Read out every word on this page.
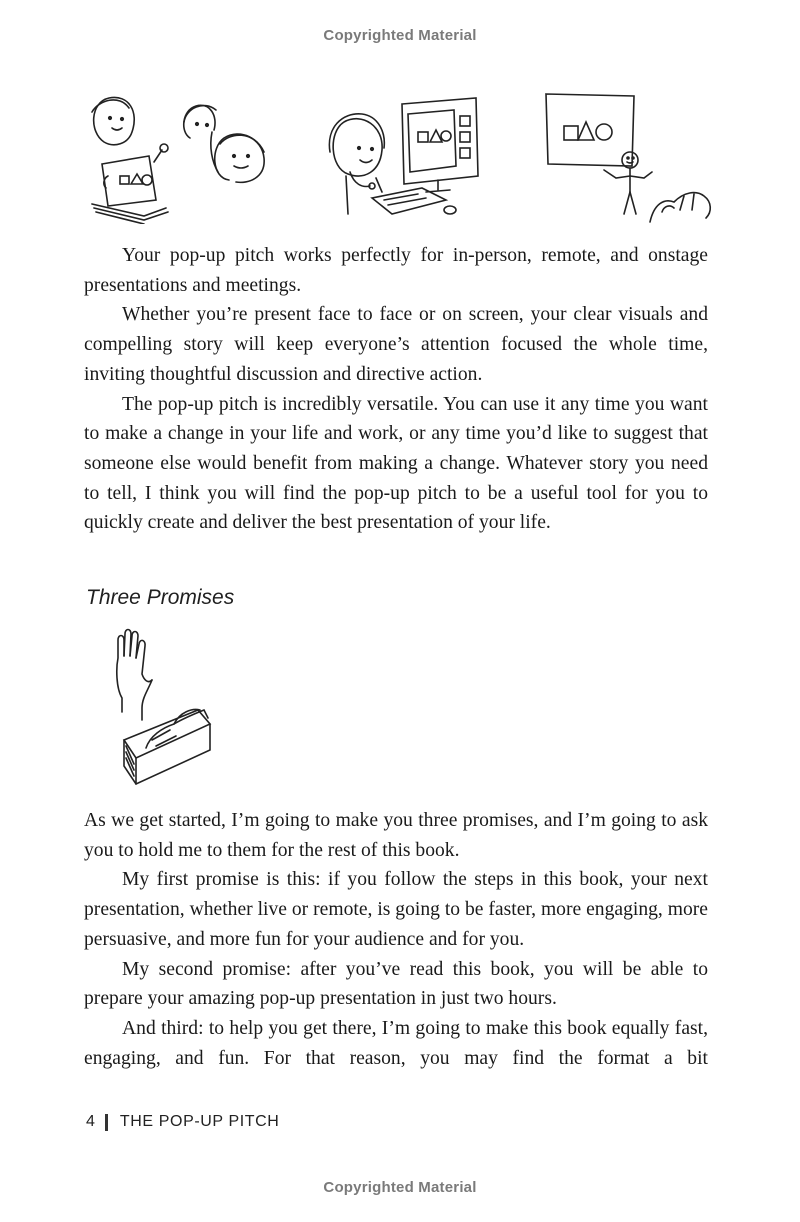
Copyrighted Material

Your pop-up pitch works perfectly for in-person, remote, and onstage presentations and meetings.

Whether you’re present face to face or on screen, your clear visuals and compelling story will keep everyone’s attention focused the whole time, inviting thoughtful discussion and directive action.

The pop-up pitch is incredibly versatile. You can use it any time you want to make a change in your life and work, or any time you’d like to suggest that someone else would benefit from making a change. Whatever story you need to tell, I think you will find the pop-up pitch to be a useful tool for you to quickly create and deliver the best presentation of your life.

Three Promises

As we get started, I’m going to make you three promises, and I’m going to ask you to hold me to them for the rest of this book.

My first promise is this: if you follow the steps in this book, your next presentation, whether live or remote, is going to be faster, more engaging, more persuasive, and more fun for your audience and for you.

My second promise: after you’ve read this book, you will be able to prepare your amazing pop-up presentation in just two hours.

And third: to help you get there, I’m going to make this book equally fast, engaging, and fun. For that reason, you may find the format a bit

4 THE POP-UP PITCH
Copyrighted Material
